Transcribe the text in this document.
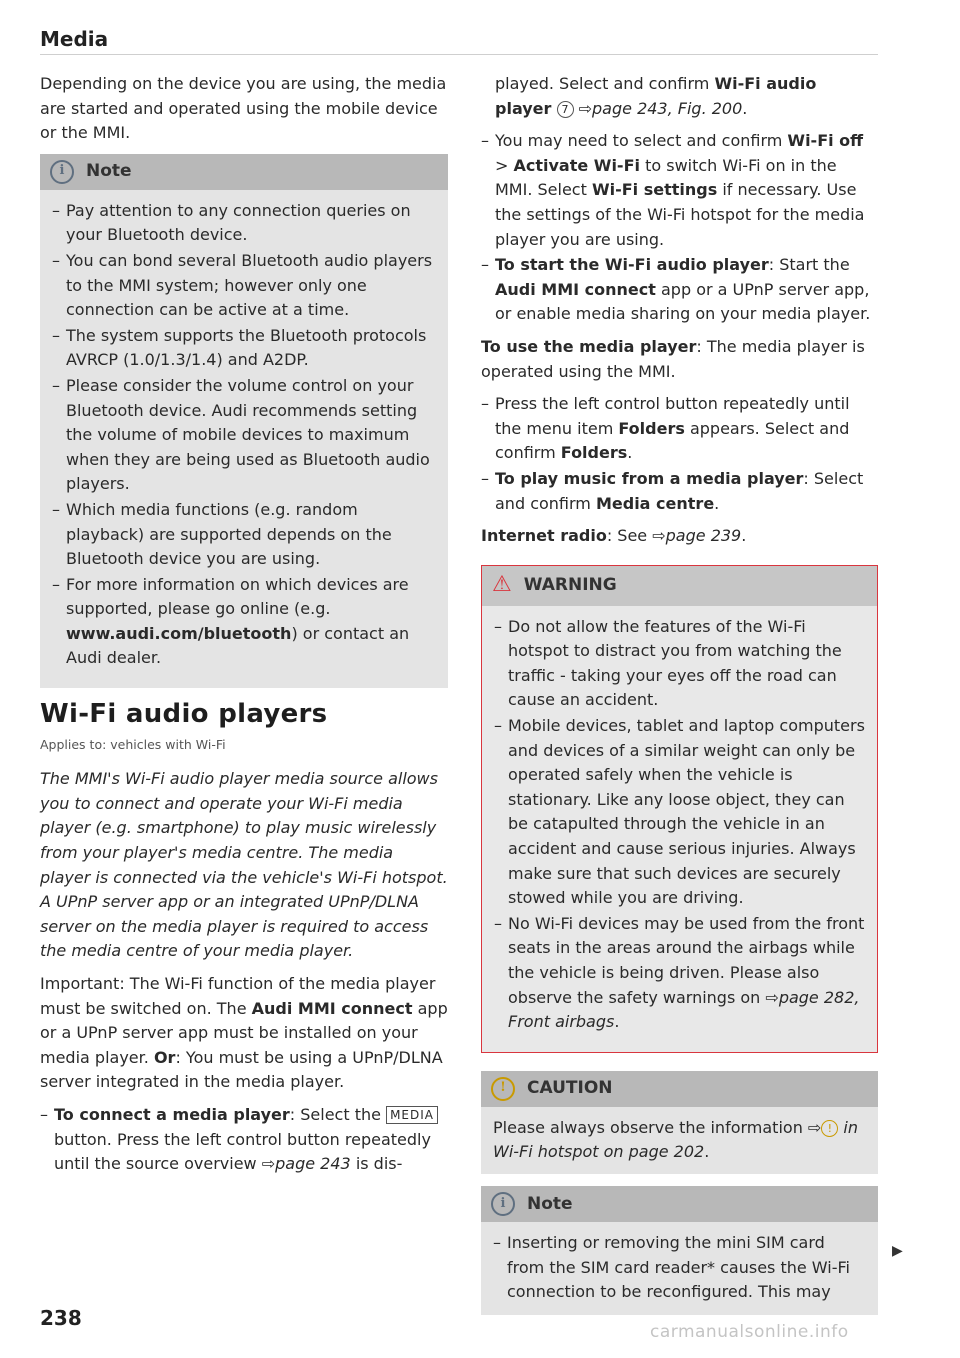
Media

Depending on the device you are using, the media are started and operated using the mobile device or the MMI.

i	Note
– Pay attention to any connection queries on your Bluetooth device.
– You can bond several Bluetooth audio players to the MMI system; however only one connection can be active at a time.
– The system supports the Bluetooth protocols AVRCP (1.0/1.3/1.4) and A2DP.
– Please consider the volume control on your Bluetooth device. Audi recommends setting the volume of mobile devices to maximum when they are being used as Bluetooth audio players.
– Which media functions (e.g. random playback) are supported depends on the Bluetooth device you are using.
– For more information on which devices are supported, please go online (e.g. www.audi.com/bluetooth) or contact an Audi dealer.
Wi-Fi audio players
Applies to: vehicles with Wi-Fi

The MMI's Wi-Fi audio player media source allows you to connect and operate your Wi-Fi media player (e.g. smartphone) to play music wirelessly from your player's media centre. The media player is connected via the vehicle's Wi-Fi hotspot. A UPnP server app or an integrated UPnP/DLNA server on the media player is required to access the media centre of your media player.

Important: The Wi-Fi function of the media player must be switched on. The Audi MMI connect app or a UPnP server app must be installed on your media player. Or: You must be using a UPnP/DLNA server integrated in the media player.

– To connect a media player: Select the MEDIA button. Press the left control button repeatedly until the source overview ⇨page 243 is dis-

played. Select and confirm Wi-Fi audio player 7 ⇨page 243, Fig. 200.

– You may need to select and confirm Wi-Fi off > Activate Wi-Fi to switch Wi-Fi on in the MMI. Select Wi-Fi settings if necessary. Use the settings of the Wi-Fi hotspot for the media player you are using.
– To start the Wi-Fi audio player: Start the Audi MMI connect app or a UPnP server app, or enable media sharing on your media player.

To use the media player: The media player is operated using the MMI.

– Press the left control button repeatedly until the menu item Folders appears. Select and confirm Folders.
– To play music from a media player: Select and confirm Media centre.

Internet radio: See ⇨page 239.

⚠ WARNING
– Do not allow the features of the Wi-Fi hotspot to distract you from watching the traffic - taking your eyes off the road can cause an accident.
– Mobile devices, tablet and laptop computers and devices of a similar weight can only be operated safely when the vehicle is stationary. Like any loose object, they can be catapulted through the vehicle in an accident and cause serious injuries. Always make sure that such devices are securely stowed while you are driving.
– No Wi-Fi devices may be used from the front seats in the areas around the airbags while the vehicle is being driven. Please also observe the safety warnings on ⇨page 282, Front airbags.
!	CAUTION

Please always observe the information ⇨ ! in Wi-Fi hotspot on page 202.

i	Note
– Inserting or removing the mini SIM card from the SIM card reader* causes the Wi-Fi connection to be reconfigured. This may
▶
238
carmanualsonline.info
